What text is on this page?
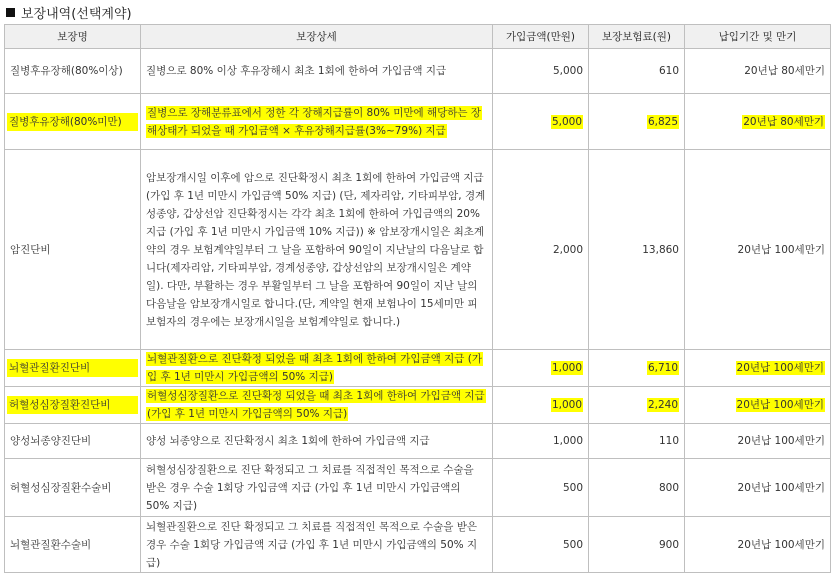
보장내역(선택계약)
보장명	보장상세	가입금액(만원)	보장보험료(원)	납입기간 및 만기
질병후유장해(80%이상)	질병으로 80% 이상 후유장해시 최초 1회에 한하여 가입금액 지급	5,000	610	20년납 80세만기

질병후유장해(80%미만)	질병으로 장해분류표에서 정한 각 장해지급률이 80% 미만에 해당하는 장해상태가 되었을 때 가입금액 × 후유장해지급률(3%~79%) 지급	5,000	6,825	20년납 80세만기
암진단비	암보장개시일 이후에 암으로 진단확정시 최초 1회에 한하여 가입금액 지급 (가입 후 1년 미만시 가입금액 50% 지급) (단, 제자리암, 기타피부암, 경계성종양, 갑상선암 진단확정시는 각각 최초 1회에 한하여 가입금액의 20% 지급 (가입 후 1년 미만시 가입금액 10% 지급)) ※ 암보장개시일은 최초계약의 경우 보험계약일부터 그 날을 포함하여 90일이 지난날의 다음날로 합니다(제자리암, 기타피부암, 경계성종양, 갑상선암의 보장개시일은 계약일). 다만, 부활하는 경우 부활일부터 그 날을 포함하여 90일이 지난 날의 다음날을 암보장개시일로 합니다.(단, 계약일 현재 보험나이 15세미만 피보험자의 경우에는 보장개시일을 보험계약일로 합니다.)	2,000	13,860	20년납 100세만기

뇌혈관질환진단비	뇌혈관질환으로 진단확정 되었을 때 최초 1회에 한하여 가입금액 지급 (가입 후 1년 미만시 가입금액의 50% 지급)	1,000	6,710	20년납 100세만기

허혈성심장질환진단비	허혈성심장질환으로 진단확정 되었을 때 최초 1회에 한하여 가입금액 지급 (가입 후 1년 미만시 가입금액의 50% 지급)	1,000	2,240	20년납 100세만기
양성뇌종양진단비	양성 뇌종양으로 진단확정시 최초 1회에 한하여 가입금액 지급	1,000	110	20년납 100세만기
허혈성심장질환수술비	허혈성심장질환으로 진단 확정되고 그 치료를 직접적인 목적으로 수술을 받은 경우 수술 1회당 가입금액 지급 (가입 후 1년 미만시 가입금액의 50% 지급)	500	800	20년납 100세만기
뇌혈관질환수술비	뇌혈관질환으로 진단 확정되고 그 치료를 직접적인 목적으로 수술을 받은 경우 수술 1회당 가입금액 지급 (가입 후 1년 미만시 가입금액의 50% 지급)	500	900	20년납 100세만기
